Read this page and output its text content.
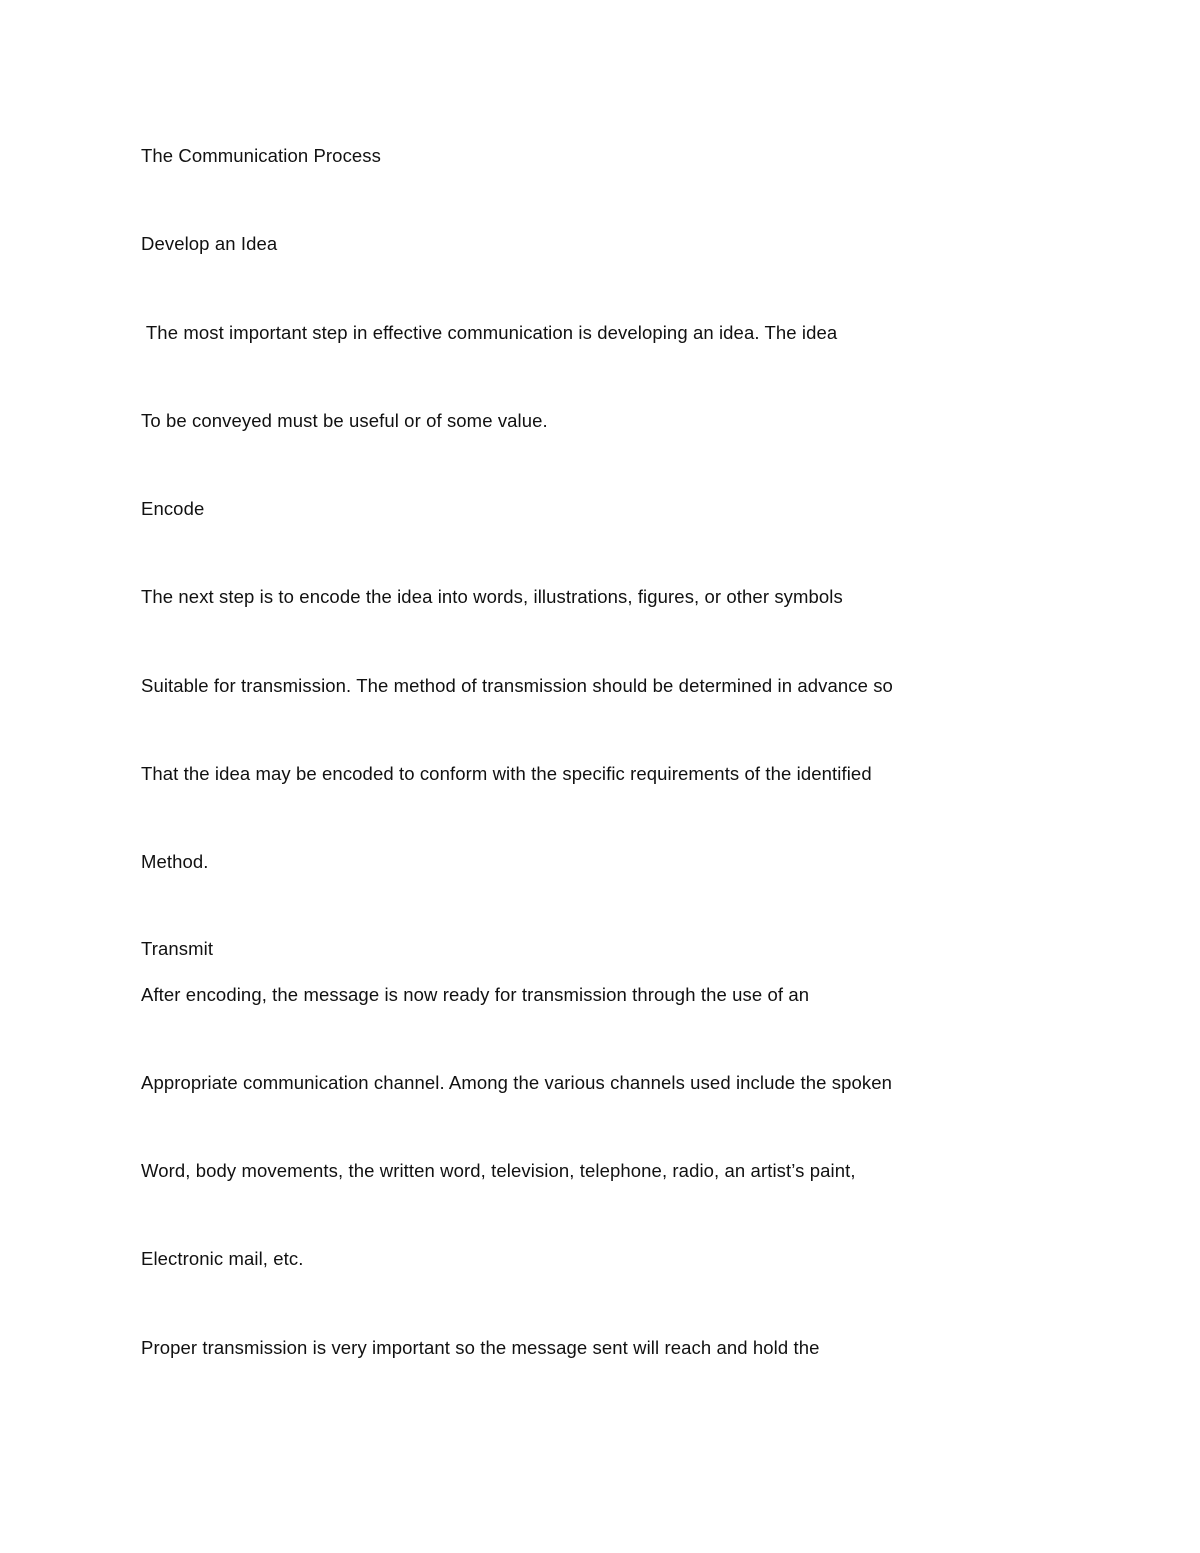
The Communication Process
Develop an Idea
The most important step in effective communication is developing an idea. The idea
To be conveyed must be useful or of some value.
Encode
The next step is to encode the idea into words, illustrations, figures, or other symbols
Suitable for transmission. The method of transmission should be determined in advance so
That the idea may be encoded to conform with the specific requirements of the identified
Method.
Transmit
After encoding, the message is now ready for transmission through the use of an
Appropriate communication channel. Among the various channels used include the spoken
Word, body movements, the written word, television, telephone, radio, an artist’s paint,
Electronic mail, etc.
Proper transmission is very important so the message sent will reach and hold the
